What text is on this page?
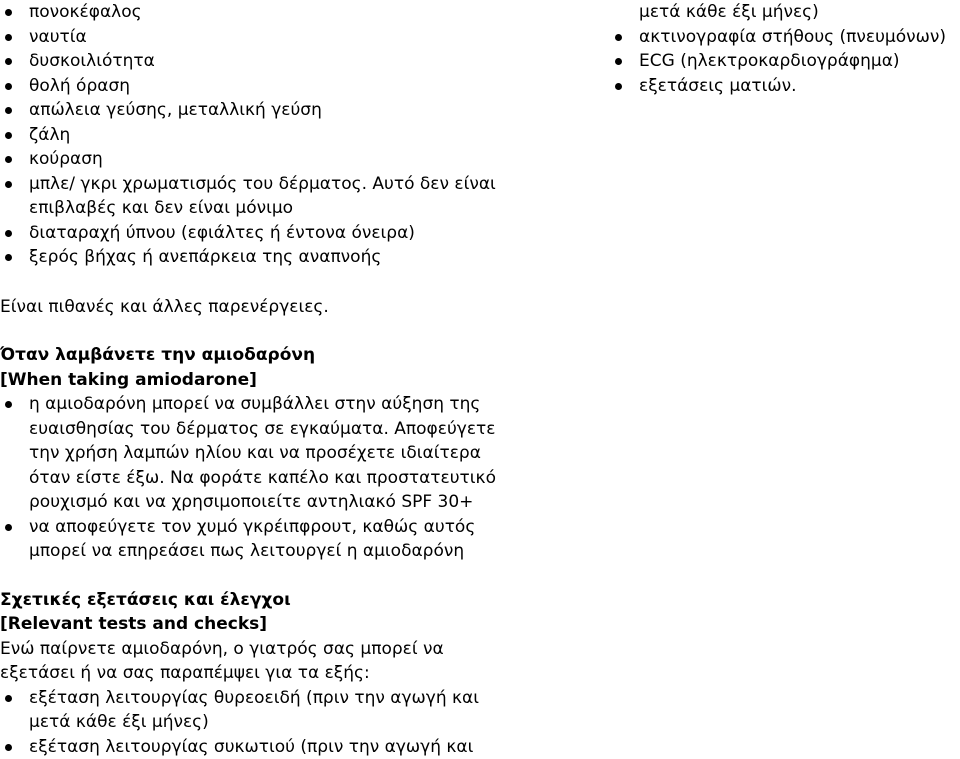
πονοκέφαλος
ναυτία
δυσκοιλιότητα
θολή όραση
απώλεια γεύσης, μεταλλική γεύση
ζάλη
κούραση
μπλε/ γκρι χρωματισμός του δέρματος. Αυτό δεν είναι επιβλαβές και δεν είναι μόνιμο
διαταραχή ύπνου (εφιάλτες ή έντονα όνειρα)
ξερός βήχας ή ανεπάρκεια της αναπνοής

Είναι πιθανές και άλλες παρενέργειες.

Όταν λαμβάνετε την αμιοδαρόνη
[When taking amiodarone]
η αμιοδαρόνη μπορεί να συμβάλλει στην αύξηση της ευαισθησίας του δέρματος σε εγκαύματα. Αποφεύγετε την χρήση λαμπών ηλίου και να προσέχετε ιδιαίτερα όταν είστε έξω. Να φοράτε καπέλο και προστατευτικό ρουχισμό και να χρησιμοποιείτε αντηλιακό SPF 30+
να αποφεύγετε τον χυμό γκρέιπφρουτ, καθώς αυτός μπορεί να επηρεάσει πως λειτουργεί η αμιοδαρόνη
Σχετικές εξετάσεις και έλεγχοι
[Relevant tests and checks]

Ενώ παίρνετε αμιοδαρόνη, ο γιατρός σας μπορεί να εξετάσει ή να σας παραπέμψει για τα εξής:

εξέταση λειτουργίας θυρεοειδή (πριν την αγωγή και μετά κάθε έξι μήνες)
εξέταση λειτουργίας συκωτιού (πριν την αγωγή και
μετά κάθε έξι μήνες)
ακτινογραφία στήθους (πνευμόνων)
ECG (ηλεκτροκαρδιογράφημα)
εξετάσεις ματιών.
